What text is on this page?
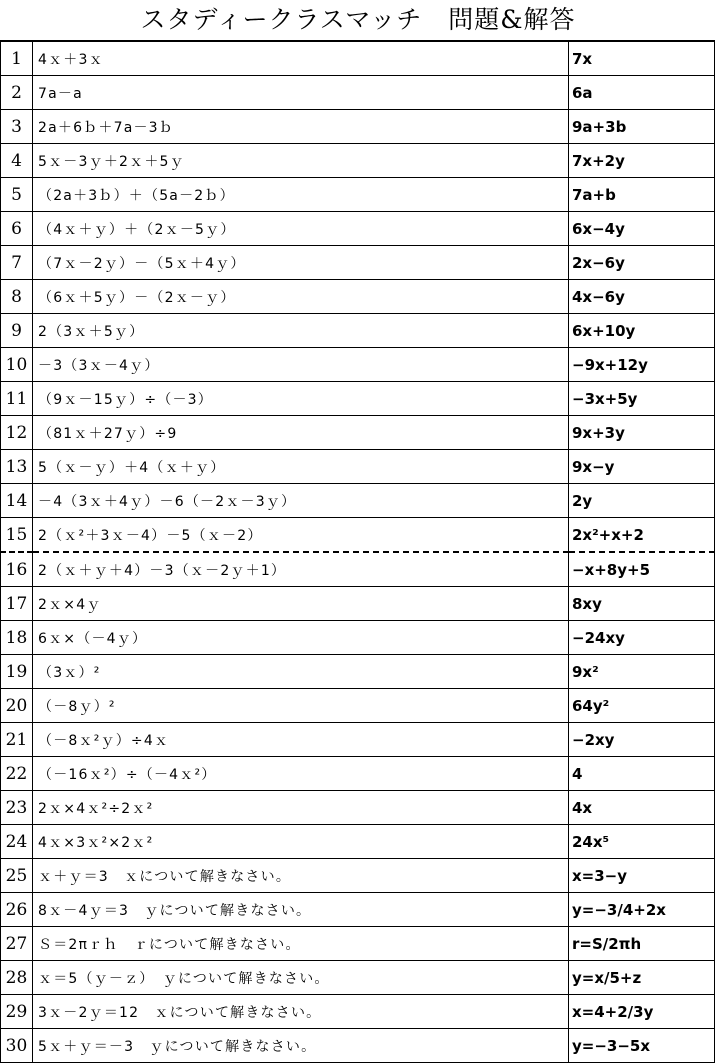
スタディークラスマッチ　問題&解答
1	4ｘ＋3ｘ	7x
2	7a－a	6a
3	2a＋6ｂ＋7a－3ｂ	9a+3b
4	5ｘ－3ｙ＋2ｘ＋5ｙ	7x+2y
5	（2a＋3ｂ）＋（5a－2ｂ）	7a+b
6	（4ｘ＋ｙ）＋（2ｘ－5ｙ）	6x−4y
7	（7ｘ－2ｙ）－（5ｘ＋4ｙ）	2x−6y
8	（6ｘ＋5ｙ）－（2ｘ－ｙ）	4x−6y
9	2（3ｘ＋5ｙ）	6x+10y
10	－3（3ｘ－4ｙ）	−9x+12y
11	（9ｘ－15ｙ）÷（－3）	−3x+5y
12	（81ｘ＋27ｙ）÷9	9x+3y
13	5（ｘ－ｙ）＋4（ｘ＋ｙ）	9x−y
14	－4（3ｘ＋4ｙ）－6（－2ｘ－3ｙ）	2y
15	2（ｘ²＋3ｘ－4）－5（ｘ－2）	2x²+x+2
16	2（ｘ＋ｙ＋4）－3（ｘ－2ｙ＋1）	−x+8y+5
17	2ｘ×4ｙ	8xy
18	6ｘ×（－4ｙ）	−24xy
19	（3ｘ）²	9x²
20	（－8ｙ）²	64y²
21	（－8ｘ²ｙ）÷4ｘ	−2xy
22	（－16ｘ²）÷（－4ｘ²）	4
23	2ｘ×4ｘ²÷2ｘ²	4x
24	4ｘ×3ｘ²×2ｘ²	24x⁵
25	ｘ＋ｙ＝3　ｘについて解きなさい。	x=3−y
26	8ｘ－4ｙ＝3　ｙについて解きなさい。	y=−3/4+2x
27	Ｓ＝2πｒｈ　ｒについて解きなさい。	r=S/2πh
28	ｘ＝5（ｙ－ｚ）　ｙについて解きなさい。	y=x/5+z
29	3ｘ－2ｙ＝12　ｘについて解きなさい。	x=4+2/3y
30	5ｘ＋ｙ＝－3　ｙについて解きなさい。	y=−3−5x
